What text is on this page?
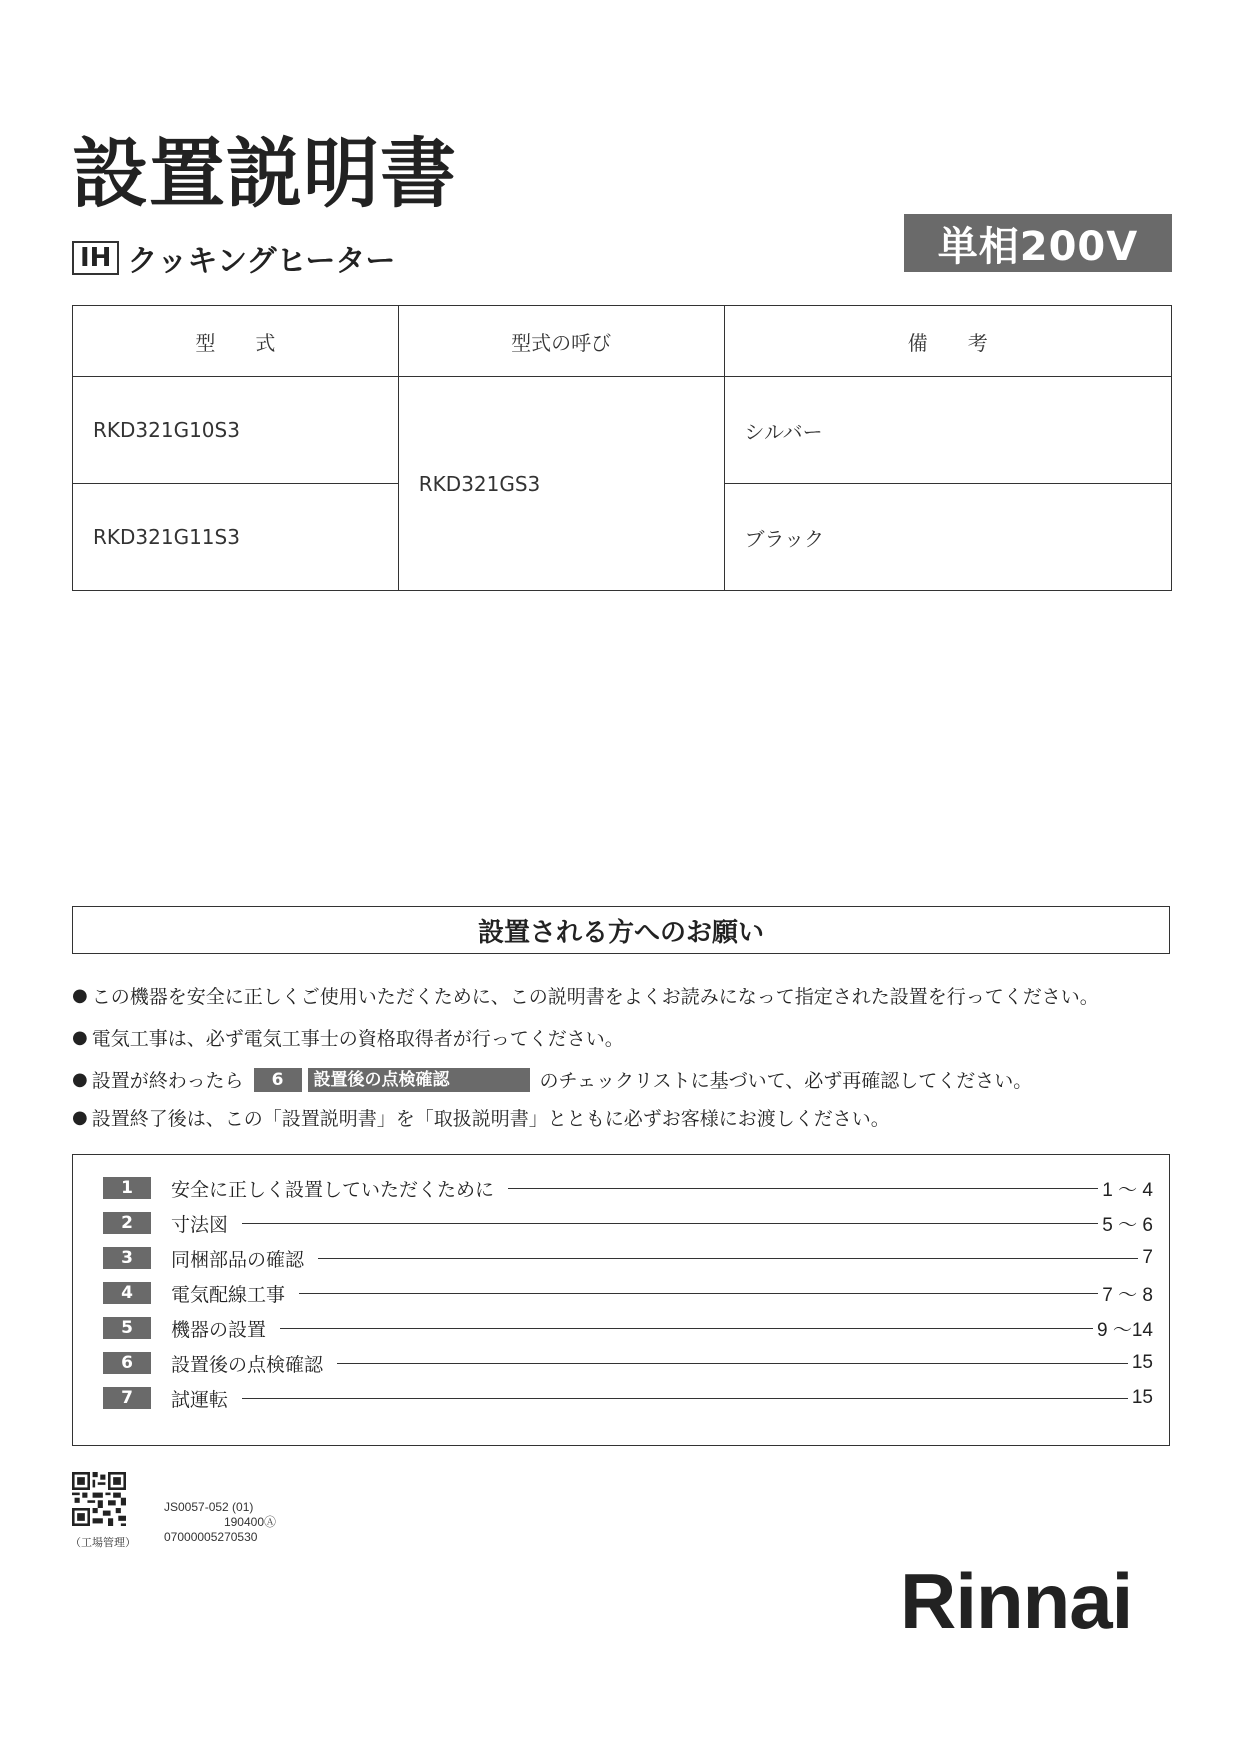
設置説明書
IH クッキングヒーター	単相200V
型　　式	型式の呼び	備　　考
RKD321G10S3	RKD321GS3	シルバー
RKD321G11S3		ブラック
設置される方へのお願い
● この機器を安全に正しくご使用いただくために、この説明書をよくお読みになって指定された設置を行ってください。
● 電気工事は、必ず電気工事士の資格取得者が行ってください。
● 設置が終わったら	6	設置後の点検確認	のチェックリストに基づいて、必ず再確認してください。
● 設置終了後は、この「設置説明書」を「取扱説明書」とともに必ずお客様にお渡しください。
1	安全に正しく設置していただくために	1 ～ 4
2	寸法図	5 ～ 6
3	同梱部品の確認	7
4	電気配線工事	7 ～ 8
5	機器の設置	9 ～14
6	設置後の点検確認	15
7	試運転	15
（工場管理）
JS0057-052 (01)
190400Ⓐ
07000005270530
Rinnai
